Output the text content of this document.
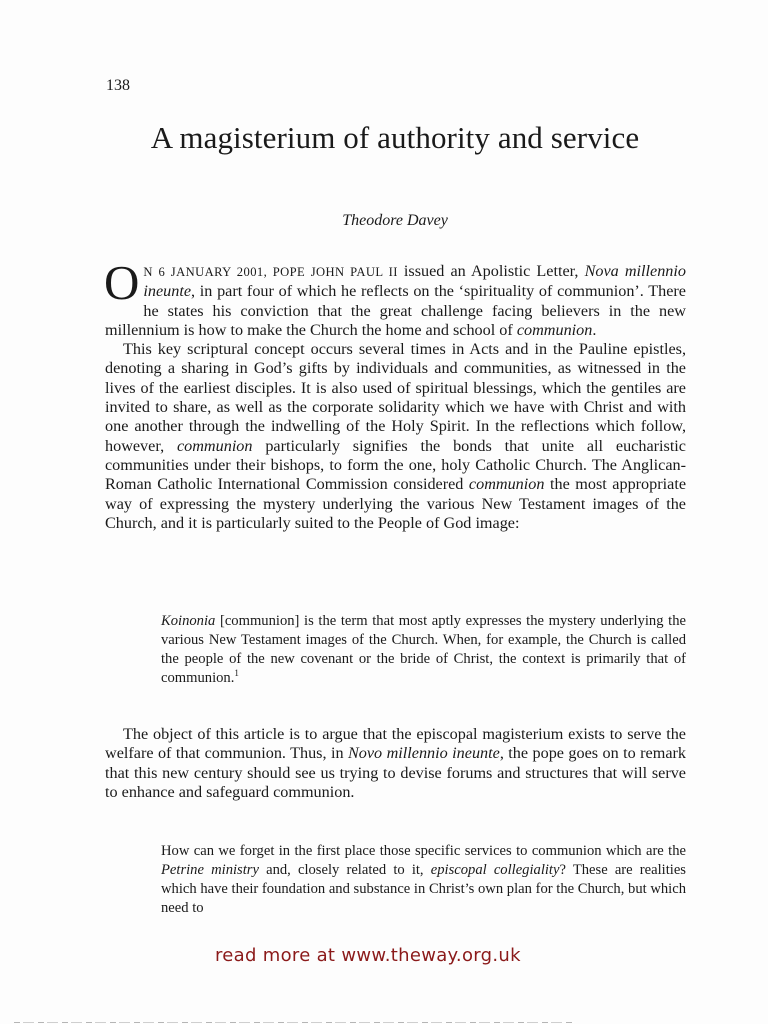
138
A magisterium of authority and service
Theodore Davey

O N 6 JANUARY 2001, POPE JOHN PAUL II issued an Apolistic Letter, Nova millennio ineunte, in part four of which he reflects on the ‘spirituality of communion’. There he states his conviction that the great challenge facing believers in the new millennium is how to make the Church the home and school of communion.

This key scriptural concept occurs several times in Acts and in the Pauline epistles, denoting a sharing in God’s gifts by individuals and communities, as witnessed in the lives of the earliest disciples. It is also used of spiritual blessings, which the gentiles are invited to share, as well as the corporate solidarity which we have with Christ and with one another through the indwelling of the Holy Spirit. In the reflections which follow, however, communion particularly signifies the bonds that unite all eucharistic communities under their bishops, to form the one, holy Catholic Church. The Anglican-Roman Catholic International Commission considered communion the most appropriate way of expressing the mystery underlying the various New Testament images of the Church, and it is particularly suited to the People of God image:

Koinonia [communion] is the term that most aptly expresses the mystery underlying the various New Testament images of the Church. When, for example, the Church is called the people of the new covenant or the bride of Christ, the context is primarily that of communion.$^1$

The object of this article is to argue that the episcopal magisterium exists to serve the welfare of that communion. Thus, in Novo millennio ineunte, the pope goes on to remark that this new century should see us trying to devise forums and structures that will serve to enhance and safeguard communion.

How can we forget in the first place those specific services to communion which are the Petrine ministry and, closely related to it, episcopal collegiality? These are realities which have their foundation and substance in Christ’s own plan for the Church, but which need to

read more at www.theway.org.uk
